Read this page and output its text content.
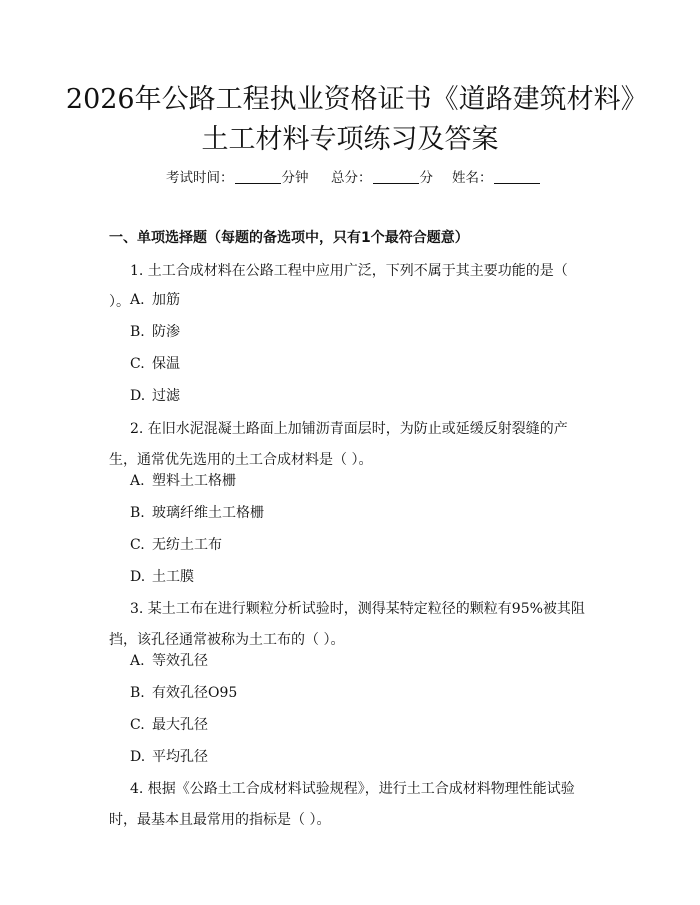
2026年公路工程执业资格证书《道路建筑材料》土工材料专项练习及答案
考试时间：	分钟 总分：	分 姓名：
一、单项选择题（每题的备选项中，只有1个最符合题意）
1. 土工合成材料在公路工程中应用广泛，下列不属于其主要功能的是（ ）。 A. 加筋
B. 防渗
C. 保温
D. 过滤
2. 在旧水泥混凝土路面上加铺沥青面层时，为防止或延缓反射裂缝的产生，通常优先选用的土工合成材料是（ ）。
A. 塑料土工格栅
B. 玻璃纤维土工格栅
C. 无纺土工布
D. 土工膜
3. 某土工布在进行颗粒分析试验时，测得某特定粒径的颗粒有95%被其阻挡，该孔径通常被称为土工布的（ ）。
A. 等效孔径
B. 有效孔径O95
C. 最大孔径
D. 平均孔径
4. 根据《公路土工合成材料试验规程》，进行土工合成材料物理性能试验时，最基本且最常用的指标是（ ）。
